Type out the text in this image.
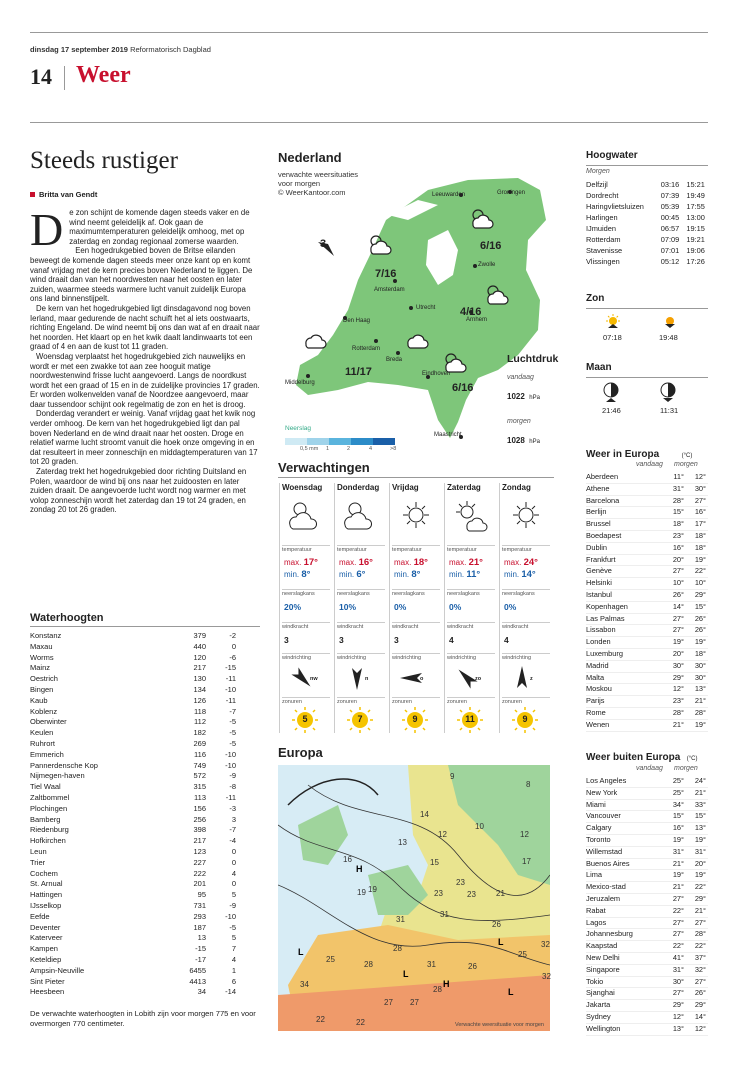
dinsdag 17 september 2019 Reformatorisch Dagblad
14 Weer
Steeds rustiger
Britta van Gendt

De zon schijnt de komende dagen steeds vaker en de wind neemt geleidelijk af. Ook gaan de maximumtemperaturen geleidelijk omhoog, met op zaterdag en zondag regionaal zomerse waarden.

Een hogedrukgebied boven de Britse eilanden beweegt de komende dagen steeds meer onze kant op en komt vanaf vrijdag met de kern precies boven Nederland te liggen. De wind draait dan van het noordwesten naar het oosten en later zuiden, waarmee steeds warmere lucht vanuit zuidelijk Europa ons land binnenstijpelt.

De kern van het hogedrukgebied ligt dinsdagavond nog boven Ierland, maar gedurende de nacht schuift het al iets oostwaarts, richting Engeland. De wind neemt bij ons dan wat af en draait naar het noorden. Het klaart op en het kwik daalt landinwaarts tot een graad of 4 en aan de kust tot 11 graden.

Woensdag verplaatst het hogedrukgebied zich nauwelijks en wordt er met een zwakke tot aan zee hooguit matige noordwestenwind frisse lucht aangevoerd. Langs de noordkust wordt het een graad of 15 en in de zuidelijke provincies 17 graden. Er worden wolkenvelden vanaf de Noordzee aangevoerd, maar daar tussendoor schijnt ook regelmatig de zon en het is droog.

Donderdag verandert er weinig. Vanaf vrijdag gaat het kwik nog verder omhoog. De kern van het hogedrukgebied ligt dan pal boven Nederland en de wind draait naar het oosten. Droge en relatief warme lucht stroomt vanuit die hoek onze omgeving in en dat resulteert in meer zonneschijn en middagtemperaturen van 17 tot 20 graden.

Zaterdag trekt het hogedrukgebied door richting Duitsland en Polen, waardoor de wind bij ons naar het zuidoosten en later zuiden draait. De aangevoerde lucht wordt nog warmer en met volop zonneschijn wordt het zaterdag dan 19 tot 24 graden, en zondag 20 tot 26 graden.

Waterhoogten
Konstanz	379	-2
Maxau	440	0
Worms	120	-6
Mainz	217	-15
Oestrich	130	-11
Bingen	134	-10
Kaub	126	-11
Koblenz	118	-7
Oberwinter	112	-5
Keulen	182	-5
Ruhrort	269	-5
Emmerich	116	-10
Pannerdensche Kop	749	-10
Nijmegen-haven	572	-9
Tiel Waal	315	-8
Zaltbommel	113	-11
Plochingen	156	-3
Bamberg	256	3
Riedenburg	398	-7
Hofkirchen	217	-4
Leun	123	0
Trier	227	0
Cochem	222	4
St. Arnual	201	0
Hattingen	95	5
IJsselkop	731	-9
Eefde	293	-10
Deventer	187	-5
Katerveer	13	5
Kampen	-15	7
Keteldiep	-17	4
Ampsin-Neuville	6455	1
Sint Pieter	4413	6
Heesbeen	34	-14
De verwachte waterhoogten in Lobith zijn voor morgen 775 en voor overmorgen 770 centimeter.
Nederland
verwachte weersituaties
voor morgen
© WeerKantoor.com	Leeuwarden	Groningen
Zwolle
Amsterdam
Den Haag
Utrecht
Arnhem
Rotterdam
Breda
Eindhoven
Middelburg
Maastricht
6/16
7/16
4/16
11/17
6/16
3
Neerslag
0,5 mm 1	2	4	>8
Luchtdruk
vandaag
1022 hPa
morgen
1028 hPa
Verwachtingen
Woensdag
temperatuur
max. 17°
min. 8°
neerslagkans
20%
windkracht
3
windrichting
nw
zonuren
5
Donderdag
temperatuur
max. 16°
min. 6°
neerslagkans
10%
windkracht
3
windrichting
n
zonuren
7
Vrijdag
temperatuur
max. 18°
min. 8°
neerslagkans
0%
windkracht
3
windrichting
o
zonuren
9
Zaterdag
temperatuur
max. 21°
min. 11°
neerslagkans
0%
windkracht
4
windrichting
zo
zonuren
11
Zondag
temperatuur
max. 24°
min. 14°
neerslagkans
0%
windkracht
4
windrichting
z
zonuren
9
Europa
H
L
L
H
L
L
9
14
12
10
8
16
19
13
15	17
12
23
19	23	23	21
26
28
31
31
25
28	31
34
27 27
28
32
25
32
22	22
26
Verwachte weersituatie voor morgen
Hoogwater
Morgen
Delfzijl	03:16 15:21
Dordrecht	07:39 19:49
Haringvlietsluizen	05:39 17:55
Harlingen	00:45 13:00
IJmuiden	06:57 19:15
Rotterdam	07:09 19:21
Stavenisse	07:01 19:06
Vlissingen	05:12 17:26
Zon
07:18	19:48
Maan
21:46	11:31
Weer in Europa	(°C)
vandaag morgen
Aberdeen	11°	12°
Athene	31°	30°
Barcelona	28°	27°
Berlijn	15°	16°
Brussel	18°	17°
Boedapest	23°	18°
Dublin	16°	18°
Frankfurt	20°	19°
Genève	27°	22°
Helsinki	10°	10°
Istanbul	26°	29°
Kopenhagen	14°	15°
Las Palmas	27°	26°
Lissabon	27°	26°
Londen	19°	19°
Luxemburg	20°	18°
Madrid	30°	30°
Malta	29°	30°
Moskou	12°	13°
Parijs	23°	21°
Rome	28°	28°
Wenen	21°	19°
Weer buiten Europa (°C)
vandaag morgen
Los Angeles	25°	24°
New York	25°	21°
Miami	34°	33°
Vancouver	15°	15°
Calgary	16°	13°
Toronto	19°	19°
Willemstad	31°	31°
Buenos Aires	21°	20°
Lima	19°	19°
Mexico-stad	21°	22°
Jeruzalem	27°	29°
Rabat	22°	21°
Lagos	27°	27°
Johannesburg	27°	28°
Kaapstad	22°	22°
New Delhi	41°	37°
Singapore	31°	32°
Tokio	30°	27°
Sjanghai	27°	26°
Jakarta	29°	29°
Sydney	12°	14°
Wellington	13°	12°
